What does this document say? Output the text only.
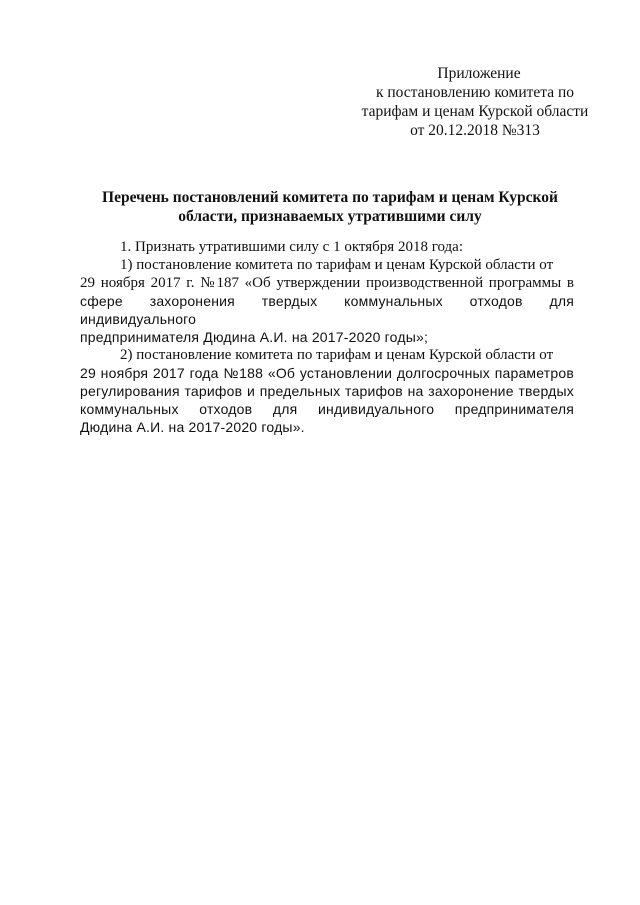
Приложение
к постановлению комитета по
тарифам и ценам Курской области
от 20.12.2018 №313
Перечень постановлений комитета по тарифам и ценам Курской
области, признаваемых утратившими силу
1. Признать утратившими силу с 1 октября 2018 года:
1) постановление комитета по тарифам и ценам Курской области от
29 ноября 2017 г. №187 «Об утверждении производственной программы в
сфере захоронения твердых коммунальных отходов для индивидуального
предпринимателя Дюдина А.И. на 2017-2020 годы»;
2) постановление комитета по тарифам и ценам Курской области от
29 ноября 2017 года №188 «Об установлении долгосрочных параметров
регулирования тарифов и предельных тарифов на захоронение твердых
коммунальных отходов для индивидуального предпринимателя
Дюдина А.И. на 2017-2020 годы».
